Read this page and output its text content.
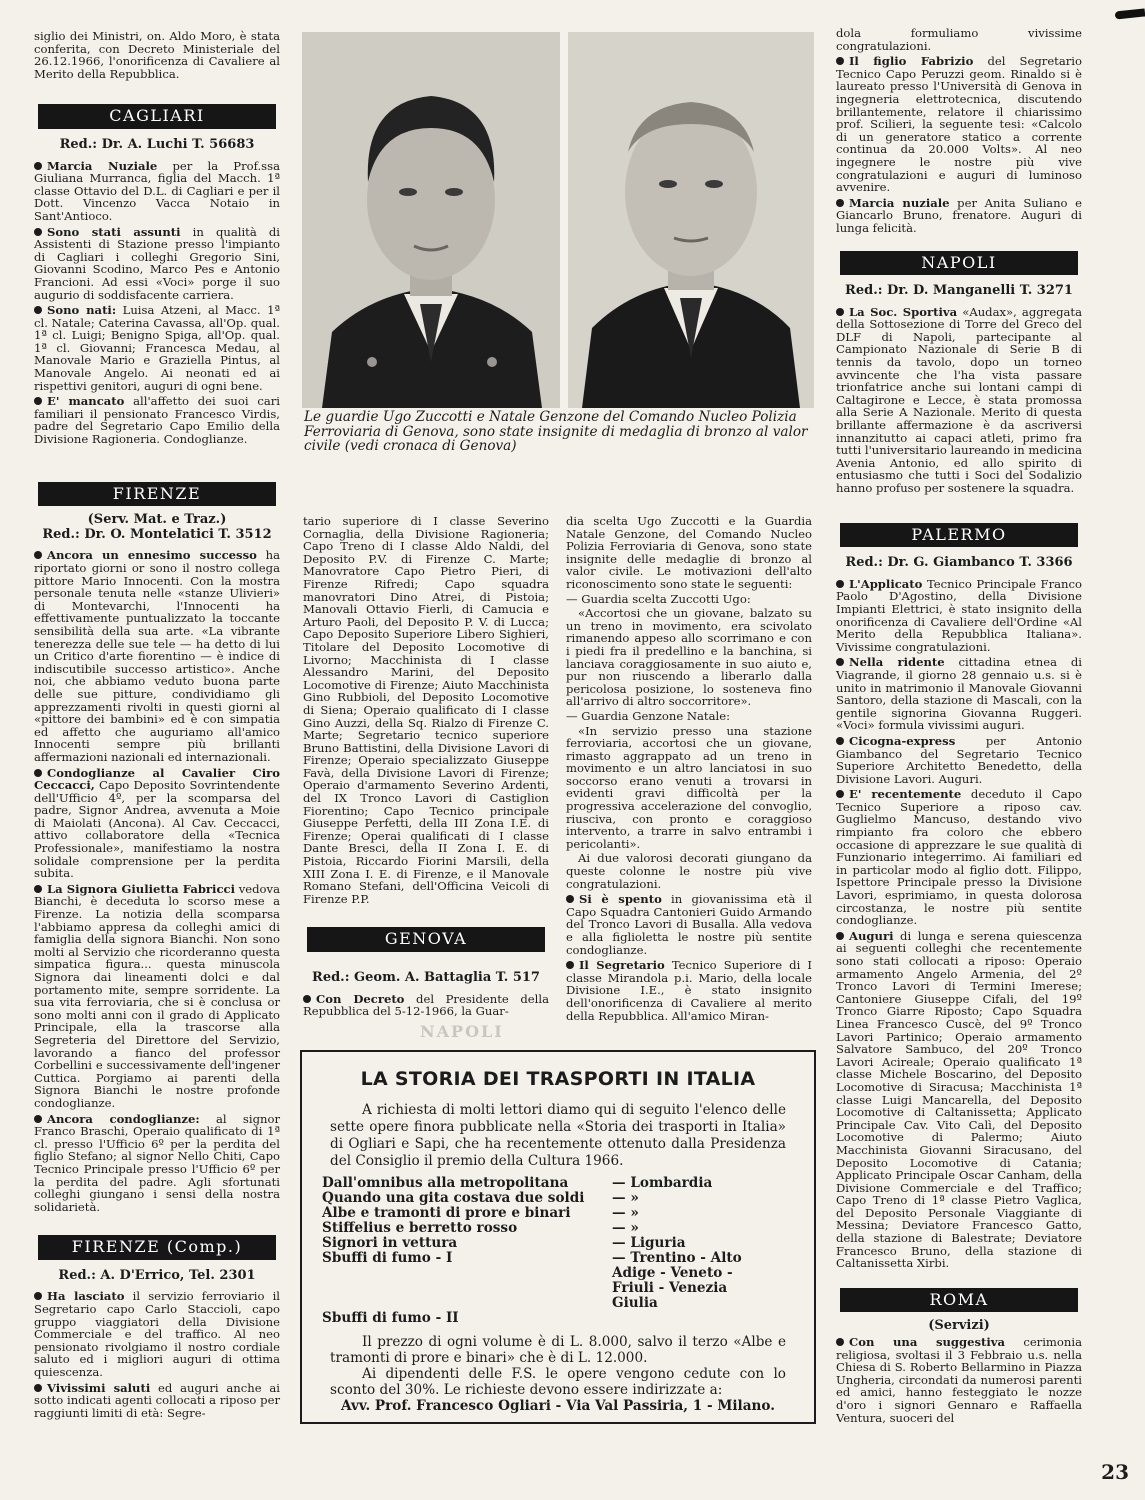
siglio dei Ministri, on. Aldo Moro, è stata conferita, con Decreto Ministeriale del 26.12.1966, l'onorificenza di Cavaliere al Merito della Repubblica.

CAGLIARI
Red.: Dr. A. Luchi T. 56683
Marcia Nuziale per la Prof.ssa Giuliana Murranca, figlia del Macch. 1ª classe Ottavio del D.L. di Cagliari e per il Dott. Vincenzo Vacca Notaio in Sant'Antioco.
Sono stati assunti in qualità di Assistenti di Stazione presso l'impianto di Cagliari i colleghi Gregorio Sini, Giovanni Scodino, Marco Pes e Antonio Francioni. Ad essi «Voci» porge il suo augurio di soddisfacente carriera.
Sono nati: Luisa Atzeni, al Macc. 1ª cl. Natale; Caterina Cavassa, all'Op. qual. 1ª cl. Luigi; Benigno Spiga, all'Op. qual. 1ª cl. Giovanni; Francesca Medau, al Manovale Mario e Graziella Pintus, al Manovale Angelo. Ai neonati ed ai rispettivi genitori, auguri di ogni bene.
E' mancato all'affetto dei suoi cari familiari il pensionato Francesco Virdis, padre del Segretario Capo Emilio della Divisione Ragioneria. Condoglianze.
FIRENZE
(Serv. Mat. e Traz.)
Red.: Dr. O. Montelatici T. 3512
Ancora un ennesimo successo ha riportato giorni or sono il nostro collega pittore Mario Innocenti. Con la mostra personale tenuta nelle «stanze Ulivieri» di Montevarchi, l'Innocenti ha effettivamente puntualizzato la toccante sensibilità della sua arte. «La vibrante tenerezza delle sue tele — ha detto di lui un Critico d'arte fiorentino — è indice di indiscutibile successo artistico». Anche noi, che abbiamo veduto buona parte delle sue pitture, condividiamo gli apprezzamenti rivolti in questi giorni al «pittore dei bambini» ed è con simpatia ed affetto che auguriamo all'amico Innocenti sempre più brillanti affermazioni nazionali ed internazionali.
Condoglianze al Cavalier Ciro Ceccacci, Capo Deposito Sovrintendente dell'Ufficio 4º, per la scomparsa del padre, Signor Andrea, avvenuta a Moie di Maiolati (Ancona). Al Cav. Ceccacci, attivo collaboratore della «Tecnica Professionale», manifestiamo la nostra solidale comprensione per la perdita subita.
La Signora Giulietta Fabricci vedova Bianchi, è deceduta lo scorso mese a Firenze. La notizia della scomparsa l'abbiamo appresa da colleghi amici di famiglia della signora Bianchi. Non sono molti al Servizio che ricorderanno questa simpatica figura... questa minuscola Signora dai lineamenti dolci e dal portamento mite, sempre sorridente. La sua vita ferroviaria, che si è conclusa or sono molti anni con il grado di Applicato Principale, ella la trascorse alla Segreteria del Direttore del Servizio, lavorando a fianco del professor Corbellini e successivamente dell'ingener Cuttica. Porgiamo ai parenti della Signora Bianchi le nostre profonde condoglianze.
Ancora condoglianze: al signor Franco Braschi, Operaio qualificato di 1ª cl. presso l'Ufficio 6º per la perdita del figlio Stefano; al signor Nello Chiti, Capo Tecnico Principale presso l'Ufficio 6º per la perdita del padre. Agli sfortunati colleghi giungano i sensi della nostra solidarietà.
FIRENZE (Comp.)
Red.: A. D'Errico, Tel. 2301
Ha lasciato il servizio ferroviario il Segretario capo Carlo Staccioli, capo gruppo viaggiatori della Divisione Commerciale e del traffico. Al neo pensionato rivolgiamo il nostro cordiale saluto ed i migliori auguri di ottima quiescenza.
Vivissimi saluti ed auguri anche ai sotto indicati agenti collocati a riposo per raggiunti limiti di età: Segre-
Le guardie Ugo Zuccotti e Natale Genzone del Comando Nucleo Polizia Ferroviaria di Genova, sono state insignite di medaglia di bronzo al valor civile (vedi cronaca di Genova)

tario superiore di I classe Severino Cornaglia, della Divisione Ragioneria; Capo Treno di I classe Aldo Naldi, del Deposito P.V. di Firenze C. Marte; Manovratore Capo Pietro Pieri, di Firenze Rifredi; Capo squadra manovratori Dino Atrei, di Pistoia; Manovali Ottavio Fierli, di Camucia e Arturo Paoli, del Deposito P. V. di Lucca; Capo Deposito Superiore Libero Sighieri, Titolare del Deposito Locomotive di Livorno; Macchinista di I classe Alessandro Marini, del Deposito Locomotive di Firenze; Aiuto Macchinista Gino Rubbioli, del Deposito Locomotive di Siena; Operaio qualificato di I classe Gino Auzzi, della Sq. Rialzo di Firenze C. Marte; Segretario tecnico superiore Bruno Battistini, della Divisione Lavori di Firenze; Operaio specializzato Giuseppe Favà, della Divisione Lavori di Firenze; Operaio d'armamento Severino Ardenti, del IX Tronco Lavori di Castiglion Fiorentino; Capo Tecnico principale Giuseppe Perfetti, della III Zona I.E. di Firenze; Operai qualificati di I classe Dante Bresci, della II Zona I. E. di Pistoia, Riccardo Fiorini Marsili, della XIII Zona I. E. di Firenze, e il Manovale Romano Stefani, dell'Officina Veicoli di Firenze P.P.

GENOVA
Red.: Geom. A. Battaglia T. 517
Con Decreto del Presidente della Repubblica del 5-12-1966, la Guar-

dia scelta Ugo Zuccotti e la Guardia Natale Genzone, del Comando Nucleo Polizia Ferroviaria di Genova, sono state insignite delle medaglie di bronzo al valor civile. Le motivazioni dell'alto riconoscimento sono state le seguenti:

— Guardia scelta Zuccotti Ugo:

«Accortosi che un giovane, balzato su un treno in movimento, era scivolato rimanendo appeso allo scorrimano e con i piedi fra il predellino e la banchina, si lanciava coraggiosamente in suo aiuto e, pur non riuscendo a liberarlo dalla pericolosa posizione, lo sosteneva fino all'arrivo di altro soccorritore».

— Guardia Genzone Natale:

«In servizio presso una stazione ferroviaria, accortosi che un giovane, rimasto aggrappato ad un treno in movimento e un altro lanciatosi in suo soccorso erano venuti a trovarsi in evidenti gravi difficoltà per la progressiva accelerazione del convoglio, riusciva, con pronto e coraggioso intervento, a trarre in salvo entrambi i pericolanti».

Ai due valorosi decorati giungano da queste colonne le nostre più vive congratulazioni.

Si è spento in giovanissima età il Capo Squadra Cantonieri Guido Armando del Tronco Lavori di Busalla. Alla vedova e alla figlioletta le nostre più sentite condoglianze.
Il Segretario Tecnico Superiore di I classe Mirandola p.i. Mario, della locale Divisione I.E., è stato insignito dell'onorificenza di Cavaliere al merito della Repubblica. All'amico Miran-
NAPOLI
LA STORIA DEI TRASPORTI IN ITALIA

A richiesta di molti lettori diamo qui di seguito l'elenco delle sette opere finora pubblicate nella «Storia dei trasporti in Italia» di Ogliari e Sapi, che ha recentemente ottenuto dalla Presidenza del Consiglio il premio della Cultura 1966.

Dall'omnibus alla metropolitana	— Lombardia
Quando una gita costava due soldi	— »
Albe e tramonti di prore e binari	— »
Stiffelius e berretto rosso	— »
Signori in vettura	— Liguria
Sbuffi di fumo - I	— Trentino - Alto Adige - Veneto - Friuli - Venezia Giulia
Sbuffi di fumo - II

Il prezzo di ogni volume è di L. 8.000, salvo il terzo «Albe e tramonti di prore e binari» che è di L. 12.000.

Ai dipendenti delle F.S. le opere vengono cedute con lo sconto del 30%. Le richieste devono essere indirizzate a:

Avv. Prof. Francesco Ogliari - Via Val Passiria, 1 - Milano.

dola formuliamo vivissime congratulazioni.

Il figlio Fabrizio del Segretario Tecnico Capo Peruzzi geom. Rinaldo si è laureato presso l'Università di Genova in ingegneria elettrotecnica, discutendo brillantemente, relatore il chiarissimo prof. Scilieri, la seguente tesi: «Calcolo di un generatore statico a corrente continua da 20.000 Volts». Al neo ingegnere le nostre più vive congratulazioni e auguri di luminoso avvenire.
Marcia nuziale per Anita Suliano e Giancarlo Bruno, frenatore. Auguri di lunga felicità.
NAPOLI
Red.: Dr. D. Manganelli T. 3271
La Soc. Sportiva «Audax», aggregata della Sottosezione di Torre del Greco del DLF di Napoli, partecipante al Campionato Nazionale di Serie B di tennis da tavolo, dopo un torneo avvincente che l'ha vista passare trionfatrice anche sui lontani campi di Caltagirone e Lecce, è stata promossa alla Serie A Nazionale. Merito di questa brillante affermazione è da ascriversi innanzitutto ai capaci atleti, primo fra tutti l'universitario laureando in medicina Avenia Antonio, ed allo spirito di entusiasmo che tutti i Soci del Sodalizio hanno profuso per sostenere la squadra.
PALERMO
Red.: Dr. G. Giambanco T. 3366
L'Applicato Tecnico Principale Franco Paolo D'Agostino, della Divisione Impianti Elettrici, è stato insignito della onorificenza di Cavaliere dell'Ordine «Al Merito della Repubblica Italiana». Vivissime congratulazioni.
Nella ridente cittadina etnea di Viagrande, il giorno 28 gennaio u.s. si è unito in matrimonio il Manovale Giovanni Santoro, della stazione di Mascali, con la gentile signorina Giovanna Ruggeri. «Voci» formula vivissimi auguri.
Cicogna-express per Antonio Giambanco del Segretario Tecnico Superiore Architetto Benedetto, della Divisione Lavori. Auguri.
E' recentemente deceduto il Capo Tecnico Superiore a riposo cav. Guglielmo Mancuso, destando vivo rimpianto fra coloro che ebbero occasione di apprezzare le sue qualità di Funzionario integerrimo. Ai familiari ed in particolar modo al figlio dott. Filippo, Ispettore Principale presso la Divisione Lavori, esprimiamo, in questa dolorosa circostanza, le nostre più sentite condoglianze.
Auguri di lunga e serena quiescenza ai seguenti colleghi che recentemente sono stati collocati a riposo: Operaio armamento Angelo Armenia, del 2º Tronco Lavori di Termini Imerese; Cantoniere Giuseppe Cifali, del 19º Tronco Giarre Riposto; Capo Squadra Linea Francesco Cuscè, del 9º Tronco Lavori Partinico; Operaio armamento Salvatore Sambuco, del 20º Tronco Lavori Acireale; Operaio qualificato 1ª classe Michele Boscarino, del Deposito Locomotive di Siracusa; Macchinista 1ª classe Luigi Mancarella, del Deposito Locomotive di Caltanissetta; Applicato Principale Cav. Vito Calì, del Deposito Locomotive di Palermo; Aiuto Macchinista Giovanni Siracusano, del Deposito Locomotive di Catania; Applicato Principale Oscar Canham, della Divisione Commerciale e del Traffico; Capo Treno di 1ª classe Pietro Vaglica, del Deposito Personale Viaggiante di Messina; Deviatore Francesco Gatto, della stazione di Balestrate; Deviatore Francesco Bruno, della stazione di Caltanissetta Xirbi.
ROMA
(Servizi)
Con una suggestiva cerimonia religiosa, svoltasi il 3 Febbraio u.s. nella Chiesa di S. Roberto Bellarmino in Piazza Ungheria, circondati da numerosi parenti ed amici, hanno festeggiato le nozze d'oro i signori Gennaro e Raffaella Ventura, suoceri del
23
